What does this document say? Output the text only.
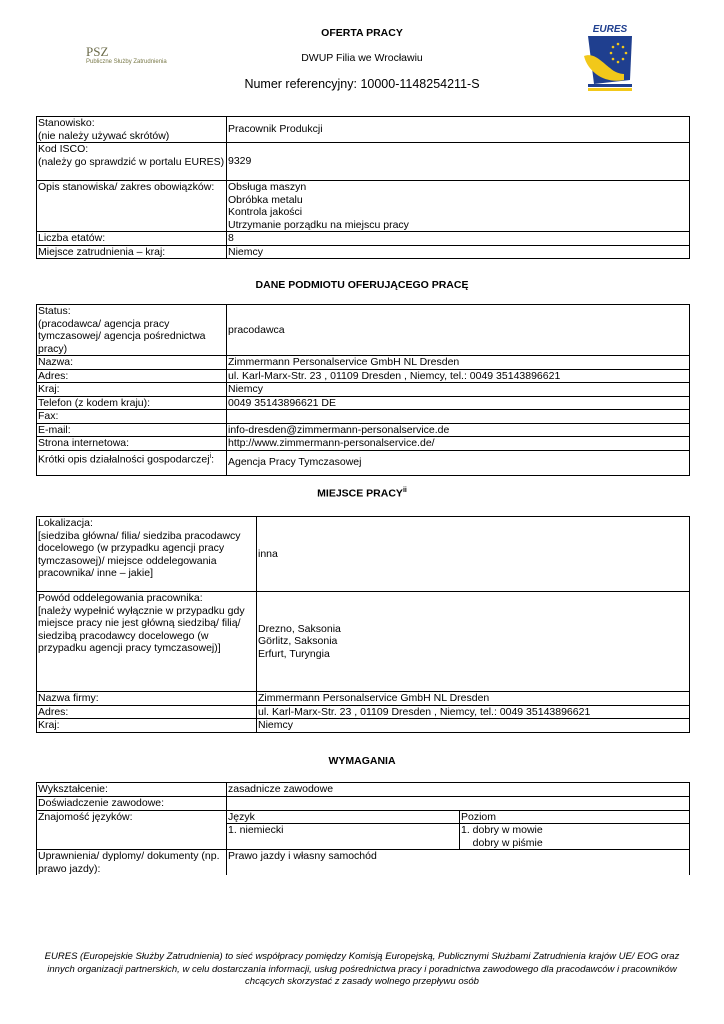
PSZ
Publiczne Służby Zatrudnienia
EURES
OFERTA PRACY
DWUP Filia we Wrocławiu
Numer referencyjny: 10000-1148254211-S
Stanowisko:
(nie należy używać skrótów)	Pracownik Produkcji
Kod ISCO:
(należy go sprawdzić w portalu EURES)	9329
Opis stanowiska/ zakres obowiązków:	Obsługa maszyn
Obróbka metalu
Kontrola jakości
Utrzymanie porządku na miejscu pracy
Liczba etatów:	8
Miejsce zatrudnienia – kraj:	Niemcy
DANE PODMIOTU OFERUJĄCEGO PRACĘ
Status:
(pracodawca/ agencja pracy tymczasowej/ agencja pośrednictwa pracy)	pracodawca
Nazwa:	Zimmermann Personalservice GmbH NL Dresden
Adres:	ul. Karl-Marx-Str. 23 , 01109 Dresden , Niemcy, tel.: 0049 35143896621
Kraj:	Niemcy
Telefon (z kodem kraju):	0049 35143896621 DE
Fax:	
E-mail:	info-dresden@zimmermann-personalservice.de
Strona internetowa:	http://www.zimmermann-personalservice.de/
Krótki opis działalności gospodarczej$^i$:	Agencja Pracy Tymczasowej
MIEJSCE PRACY$^{ii}$
Lokalizacja:
[siedziba główna/ filia/ siedziba pracodawcy docelowego (w przypadku agencji pracy tymczasowej)/ miejsce oddelegowania pracownika/ inne – jakie]	inna
Powód oddelegowania pracownika:
[należy wypełnić wyłącznie w przypadku gdy miejsce pracy nie jest główną siedzibą/ filią/ siedzibą pracodawcy docelowego (w przypadku agencji pracy tymczasowej)]	Drezno, Saksonia
Görlitz, Saksonia
Erfurt, Turyngia
Nazwa firmy:	Zimmermann Personalservice GmbH NL Dresden
Adres:	ul. Karl-Marx-Str. 23 , 01109 Dresden , Niemcy, tel.: 0049 35143896621
Kraj:	Niemcy
WYMAGANIA
Wykształcenie:	zasadnicze zawodowe	
Doświadczenie zawodowe:		
Znajomość języków:	Język	Poziom
	1. niemiecki	1. dobry w mowie
dobry w piśmie
Uprawnienia/ dyplomy/ dokumenty (np. prawo jazdy):	Prawo jazdy i własny samochód	
EURES (Europejskie Służby Zatrudnienia) to sieć współpracy pomiędzy Komisją Europejską, Publicznymi Służbami Zatrudnienia krajów UE/ EOG oraz innych organizacji partnerskich, w celu dostarczania informacji, usług pośrednictwa pracy i poradnictwa zawodowego dla pracodawców i pracowników chcących skorzystać z zasady wolnego przepływu osób
